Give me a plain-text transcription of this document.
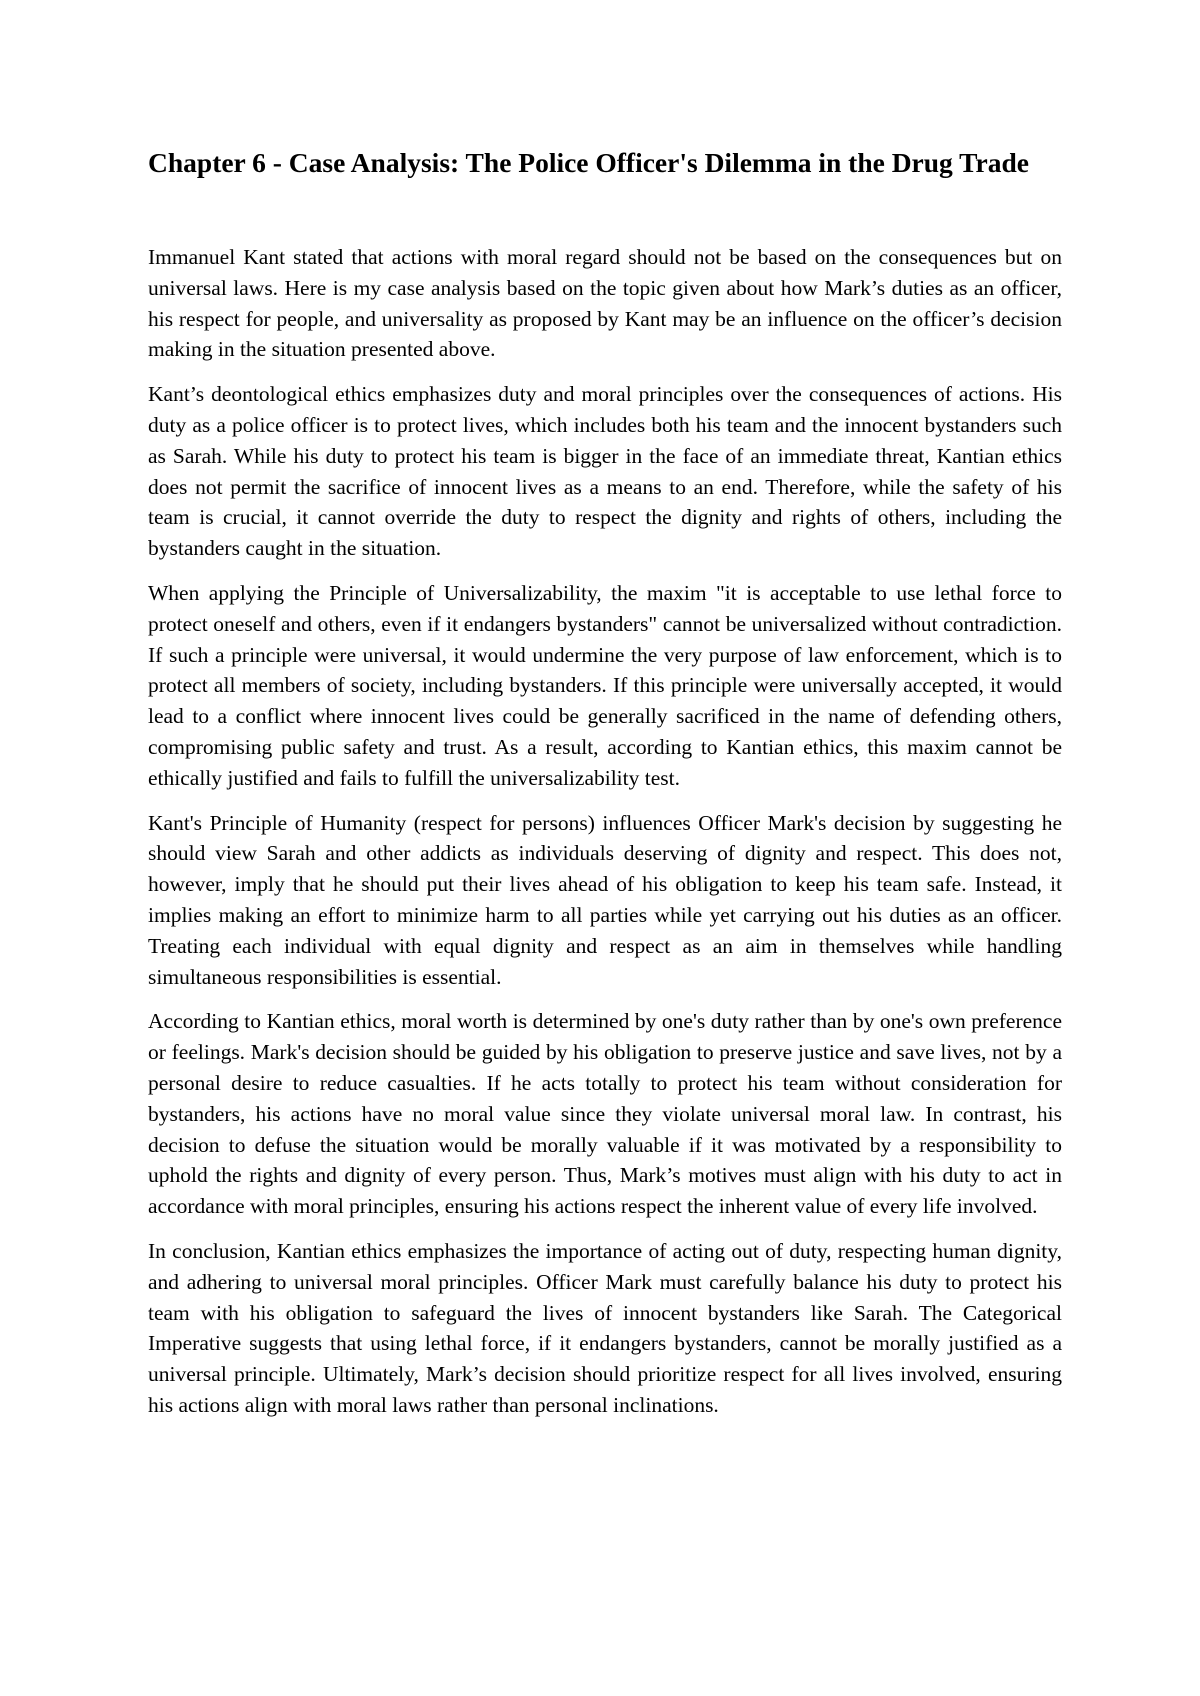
Chapter 6 - Case Analysis: The Police Officer's Dilemma in the Drug Trade

Immanuel Kant stated that actions with moral regard should not be based on the consequences but on universal laws. Here is my case analysis based on the topic given about how Mark’s duties as an officer, his respect for people, and universality as proposed by Kant may be an influence on the officer’s decision making in the situation presented above.

Kant’s deontological ethics emphasizes duty and moral principles over the consequences of actions. His duty as a police officer is to protect lives, which includes both his team and the innocent bystanders such as Sarah. While his duty to protect his team is bigger in the face of an immediate threat, Kantian ethics does not permit the sacrifice of innocent lives as a means to an end. Therefore, while the safety of his team is crucial, it cannot override the duty to respect the dignity and rights of others, including the bystanders caught in the situation.

When applying the Principle of Universalizability, the maxim "it is acceptable to use lethal force to protect oneself and others, even if it endangers bystanders" cannot be universalized without contradiction. If such a principle were universal, it would undermine the very purpose of law enforcement, which is to protect all members of society, including bystanders. If this principle were universally accepted, it would lead to a conflict where innocent lives could be generally sacrificed in the name of defending others, compromising public safety and trust. As a result, according to Kantian ethics, this maxim cannot be ethically justified and fails to fulfill the universalizability test.

Kant's Principle of Humanity (respect for persons) influences Officer Mark's decision by suggesting he should view Sarah and other addicts as individuals deserving of dignity and respect. This does not, however, imply that he should put their lives ahead of his obligation to keep his team safe. Instead, it implies making an effort to minimize harm to all parties while yet carrying out his duties as an officer. Treating each individual with equal dignity and respect as an aim in themselves while handling simultaneous responsibilities is essential.

According to Kantian ethics, moral worth is determined by one's duty rather than by one's own preference or feelings. Mark's decision should be guided by his obligation to preserve justice and save lives, not by a personal desire to reduce casualties. If he acts totally to protect his team without consideration for bystanders, his actions have no moral value since they violate universal moral law. In contrast, his decision to defuse the situation would be morally valuable if it was motivated by a responsibility to uphold the rights and dignity of every person. Thus, Mark’s motives must align with his duty to act in accordance with moral principles, ensuring his actions respect the inherent value of every life involved.

In conclusion, Kantian ethics emphasizes the importance of acting out of duty, respecting human dignity, and adhering to universal moral principles. Officer Mark must carefully balance his duty to protect his team with his obligation to safeguard the lives of innocent bystanders like Sarah. The Categorical Imperative suggests that using lethal force, if it endangers bystanders, cannot be morally justified as a universal principle. Ultimately, Mark’s decision should prioritize respect for all lives involved, ensuring his actions align with moral laws rather than personal inclinations.
